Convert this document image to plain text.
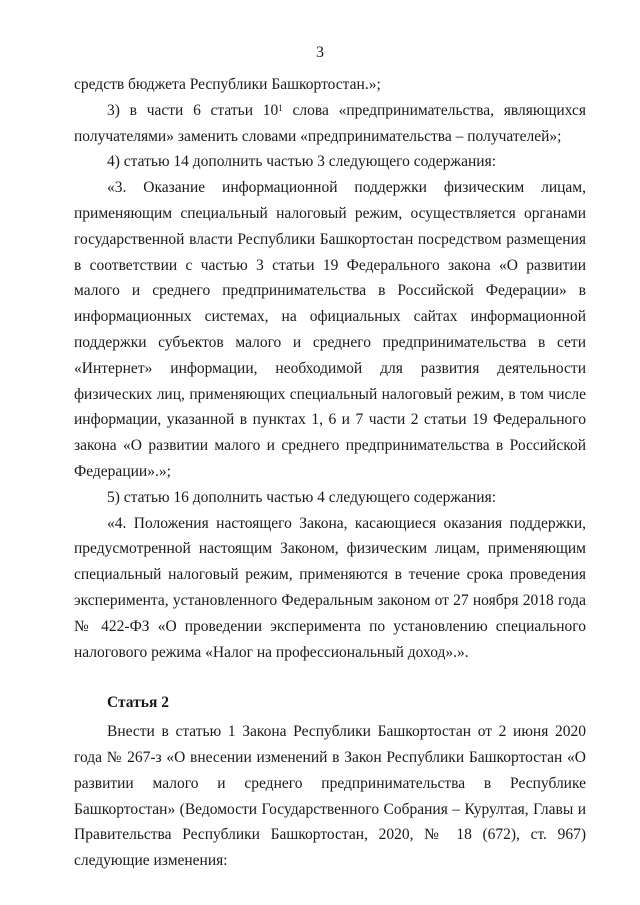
3

средств бюджета Республики Башкортостан.»;

3) в части 6 статьи $10^1$ слова «предпринимательства, являющихся получателями» заменить словами «предпринимательства – получателей»;

4) статью 14 дополнить частью 3 следующего содержания:

«3. Оказание информационной поддержки физическим лицам, применяющим специальный налоговый режим, осуществляется органами государственной власти Республики Башкортостан посредством размещения в соответствии с частью 3 статьи 19 Федерального закона «О развитии малого и среднего предпринимательства в Российской Федерации» в информационных системах, на официальных сайтах информационной поддержки субъектов малого и среднего предпринимательства в сети «Интернет» информации, необходимой для развития деятельности физических лиц, применяющих специальный налоговый режим, в том числе информации, указанной в пунктах 1, 6 и 7 части 2 статьи 19 Федерального закона «О развитии малого и среднего предпринимательства в Российской Федерации».»;

5) статью 16 дополнить частью 4 следующего содержания:

«4. Положения настоящего Закона, касающиеся оказания поддержки, предусмотренной настоящим Законом, физическим лицам, применяющим специальный налоговый режим, применяются в течение срока проведения эксперимента, установленного Федеральным законом от 27 ноября 2018 года № 422-ФЗ «О проведении эксперимента по установлению специального налогового режима «Налог на профессиональный доход».».

Статья 2

Внести в статью 1 Закона Республики Башкортостан от 2 июня 2020 года № 267-з «О внесении изменений в Закон Республики Башкортостан «О развитии малого и среднего предпринимательства в Республике Башкортостан» (Ведомости Государственного Собрания – Курултая, Главы и Правительства Республики Башкортостан, 2020, № 18 (672), ст. 967) следующие изменения:
